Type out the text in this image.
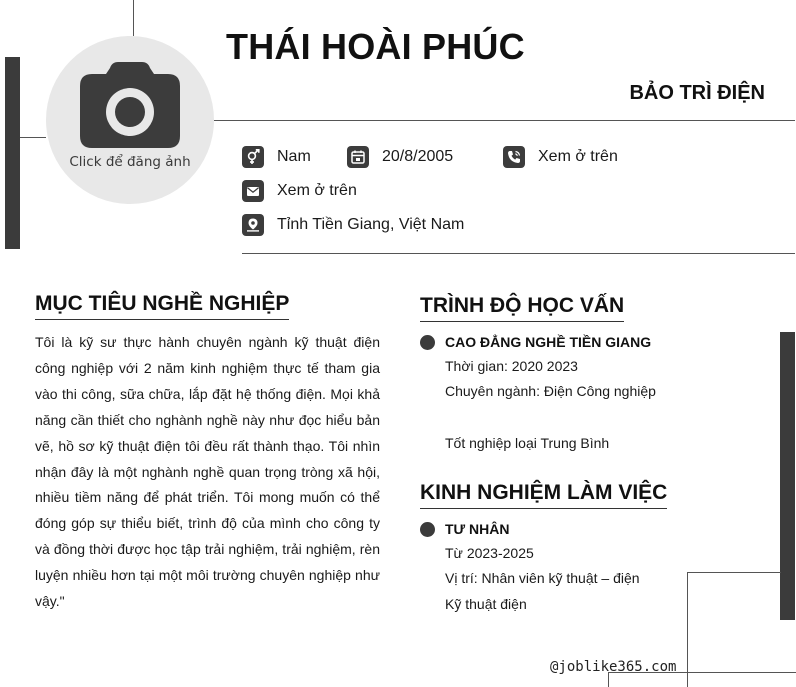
Click để đăng ảnh
THÁI HOÀI PHÚC
BẢO TRÌ ĐIỆN
Nam	20/8/2005	Xem ở trên
Xem ở trên
Tỉnh Tiền Giang, Việt Nam
MỤC TIÊU NGHỀ NGHIỆP

Tôi là kỹ sư thực hành chuyên ngành kỹ thuật điện công nghiệp với 2 năm kinh nghiệm thực tế tham gia vào thi công, sữa chữa, lắp đặt hệ thống điện. Mọi khả năng cần thiết cho nghành nghề này như đọc hiểu bản vẽ, hồ sơ kỹ thuật điện tôi đều rất thành thạo. Tôi nhìn nhận đây là một nghành nghề quan trọng tròng xã hội, nhiều tiềm năng để phát triển. Tôi mong muốn có thể đóng góp sự thiểu biết, trình độ của mình cho công ty và đồng thời được học tập trải nghiệm, trải nghiệm, rèn luyện nhiều hơn tại một môi trường chuyên nghiệp như vậy."

TRÌNH ĐỘ HỌC VẤN
CAO ĐẲNG NGHỀ TIỀN GIANG
Thời gian: 2020 2023
Chuyên ngành: Điện Công nghiệp
Tốt nghiệp loại Trung Bình
KINH NGHIỆM LÀM VIỆC
TƯ NHÂN
Từ 2023-2025
Vị trí: Nhân viên kỹ thuật – điện
Kỹ thuật điện
@joblike365.com
